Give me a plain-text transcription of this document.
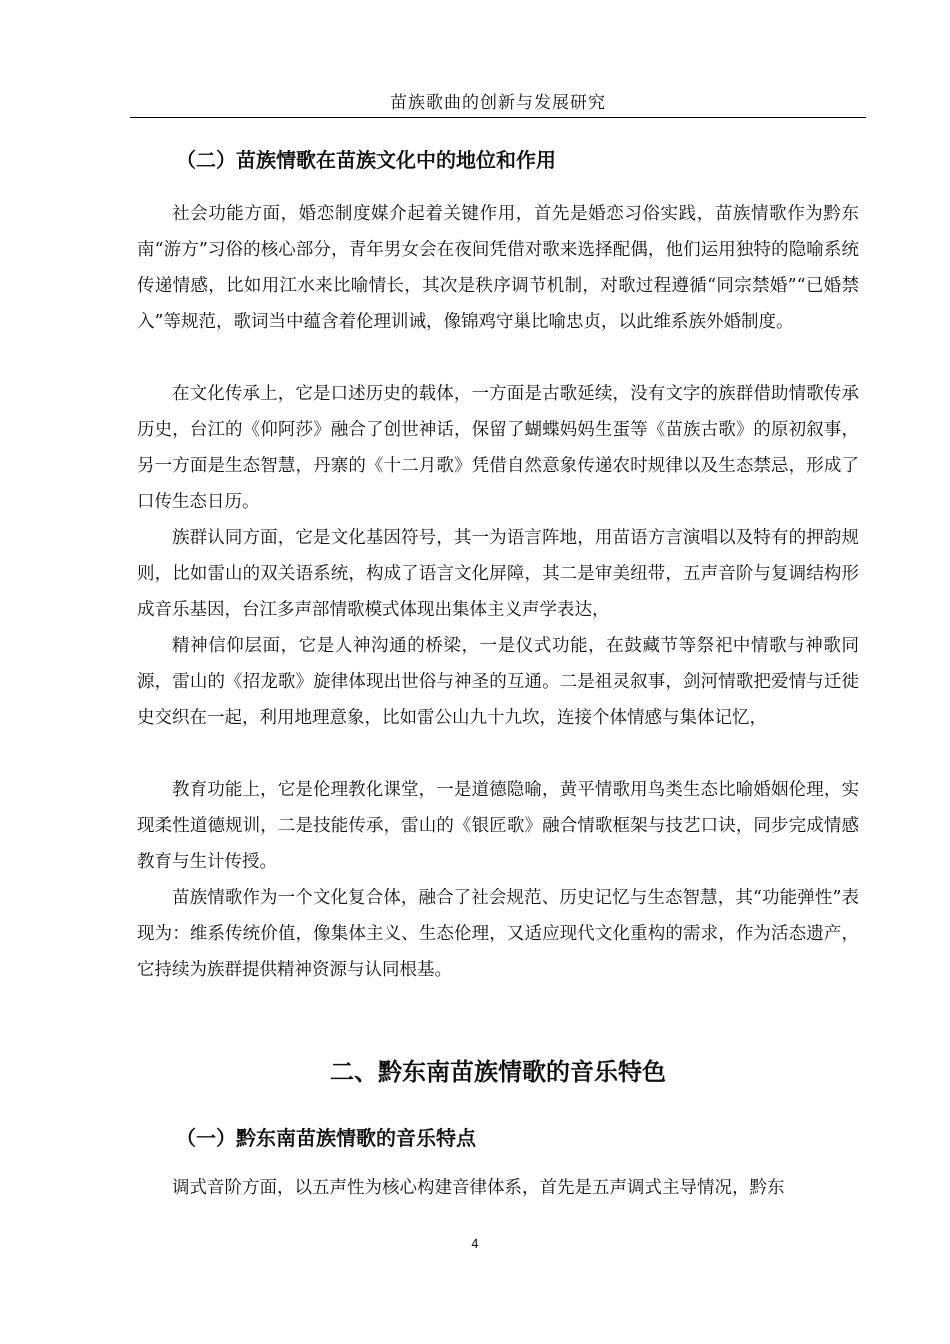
苗族歌曲的创新与发展研究
（二）苗族情歌在苗族文化中的地位和作用

社会功能方面，婚恋制度媒介起着关键作用，首先是婚恋习俗实践，苗族情歌作为黔东南“游方”习俗的核心部分，青年男女会在夜间凭借对歌来选择配偶，他们运用独特的隐喻系统传递情感，比如用江水来比喻情长，其次是秩序调节机制，对歌过程遵循“同宗禁婚”“已婚禁入”等规范，歌词当中蕴含着伦理训诫，像锦鸡守巢比喻忠贞，以此维系族外婚制度。

在文化传承上，它是口述历史的载体，一方面是古歌延续，没有文字的族群借助情歌传承历史，台江的《仰阿莎》融合了创世神话，保留了蝴蝶妈妈生蛋等《苗族古歌》的原初叙事，另一方面是生态智慧，丹寨的《十二月歌》凭借自然意象传递农时规律以及生态禁忌，形成了口传生态日历。

族群认同方面，它是文化基因符号，其一为语言阵地，用苗语方言演唱以及特有的押韵规则，比如雷山的双关语系统，构成了语言文化屏障，其二是审美纽带，五声音阶与复调结构形成音乐基因，台江多声部情歌模式体现出集体主义声学表达，

精神信仰层面，它是人神沟通的桥梁，一是仪式功能，在鼓藏节等祭祀中情歌与神歌同源，雷山的《招龙歌》旋律体现出世俗与神圣的互通。二是祖灵叙事，剑河情歌把爱情与迁徙史交织在一起，利用地理意象，比如雷公山九十九坎，连接个体情感与集体记忆，

教育功能上，它是伦理教化课堂，一是道德隐喻，黄平情歌用鸟类生态比喻婚姻伦理，实现柔性道德规训，二是技能传承，雷山的《银匠歌》融合情歌框架与技艺口诀，同步完成情感教育与生计传授。

苗族情歌作为一个文化复合体，融合了社会规范、历史记忆与生态智慧，其“功能弹性”表现为：维系传统价值，像集体主义、生态伦理，又适应现代文化重构的需求，作为活态遗产，它持续为族群提供精神资源与认同根基。

二、黔东南苗族情歌的音乐特色
（一）黔东南苗族情歌的音乐特点

调式音阶方面，以五声性为核心构建音律体系，首先是五声调式主导情况，黔东

4
